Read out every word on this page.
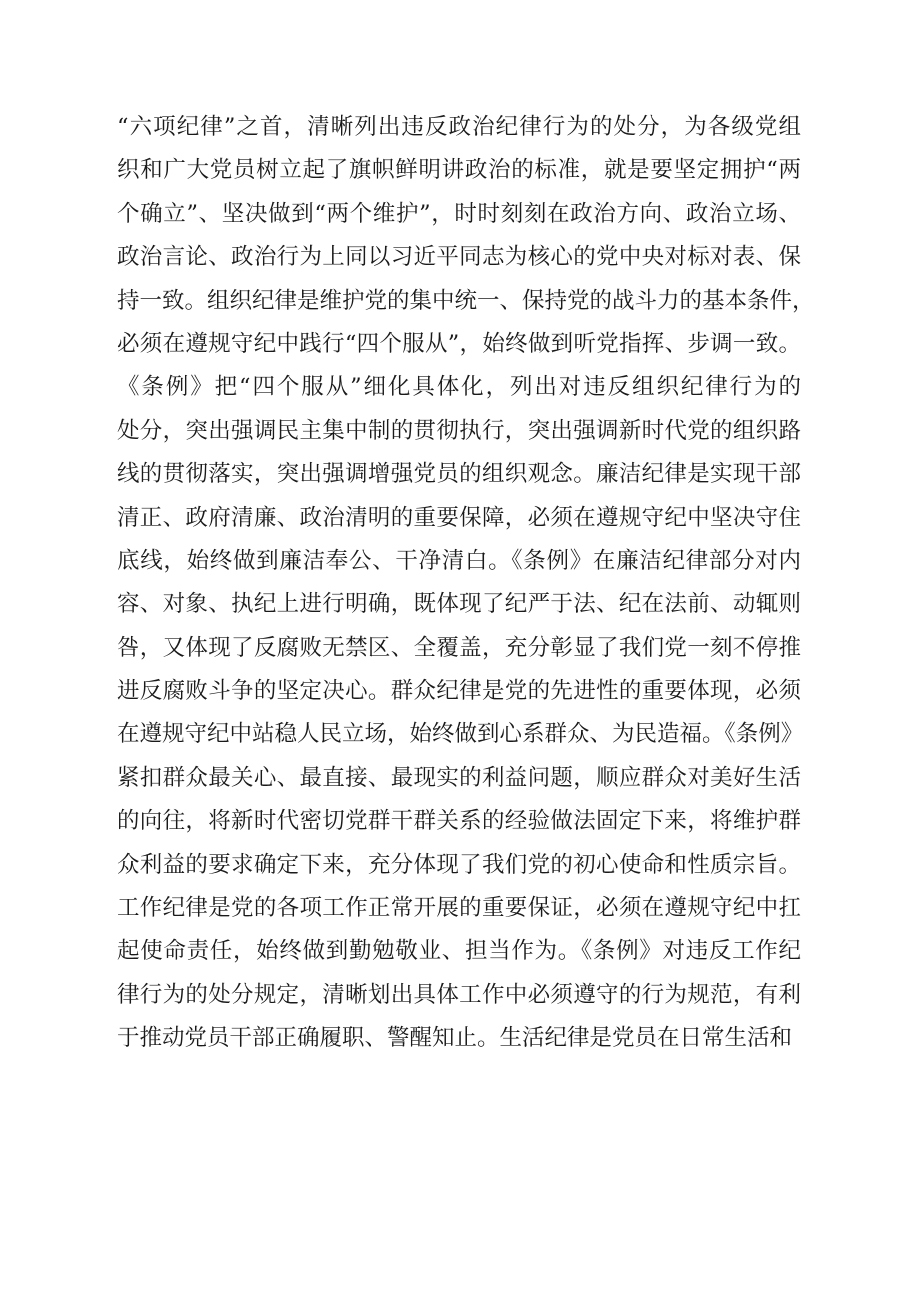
“六项纪律”之首，清晰列出违反政治纪律行为的处分，为各级党组
织和广大党员树立起了旗帜鲜明讲政治的标准，就是要坚定拥护“两
个确立”、坚决做到“两个维护”，时时刻刻在政治方向、政治立场、
政治言论、政治行为上同以习近平同志为核心的党中央对标对表、保
持一致。组织纪律是维护党的集中统一、保持党的战斗力的基本条件，
必须在遵规守纪中践行“四个服从”，始终做到听党指挥、步调一致。
《条例》把“四个服从”细化具体化，列出对违反组织纪律行为的
处分，突出强调民主集中制的贯彻执行，突出强调新时代党的组织路
线的贯彻落实，突出强调增强党员的组织观念。廉洁纪律是实现干部
清正、政府清廉、政治清明的重要保障，必须在遵规守纪中坚决守住
底线，始终做到廉洁奉公、干净清白。《条例》在廉洁纪律部分对内
容、对象、执纪上进行明确，既体现了纪严于法、纪在法前、动辄则
咎，又体现了反腐败无禁区、全覆盖，充分彰显了我们党一刻不停推
进反腐败斗争的坚定决心。群众纪律是党的先进性的重要体现，必须
在遵规守纪中站稳人民立场，始终做到心系群众、为民造福。《条例》
紧扣群众最关心、最直接、最现实的利益问题，顺应群众对美好生活
的向往，将新时代密切党群干群关系的经验做法固定下来，将维护群
众利益的要求确定下来，充分体现了我们党的初心使命和性质宗旨。
工作纪律是党的各项工作正常开展的重要保证，必须在遵规守纪中扛
起使命责任，始终做到勤勉敬业、担当作为。《条例》对违反工作纪
律行为的处分规定，清晰划出具体工作中必须遵守的行为规范，有利
于推动党员干部正确履职、警醒知止。生活纪律是党员在日常生活和
